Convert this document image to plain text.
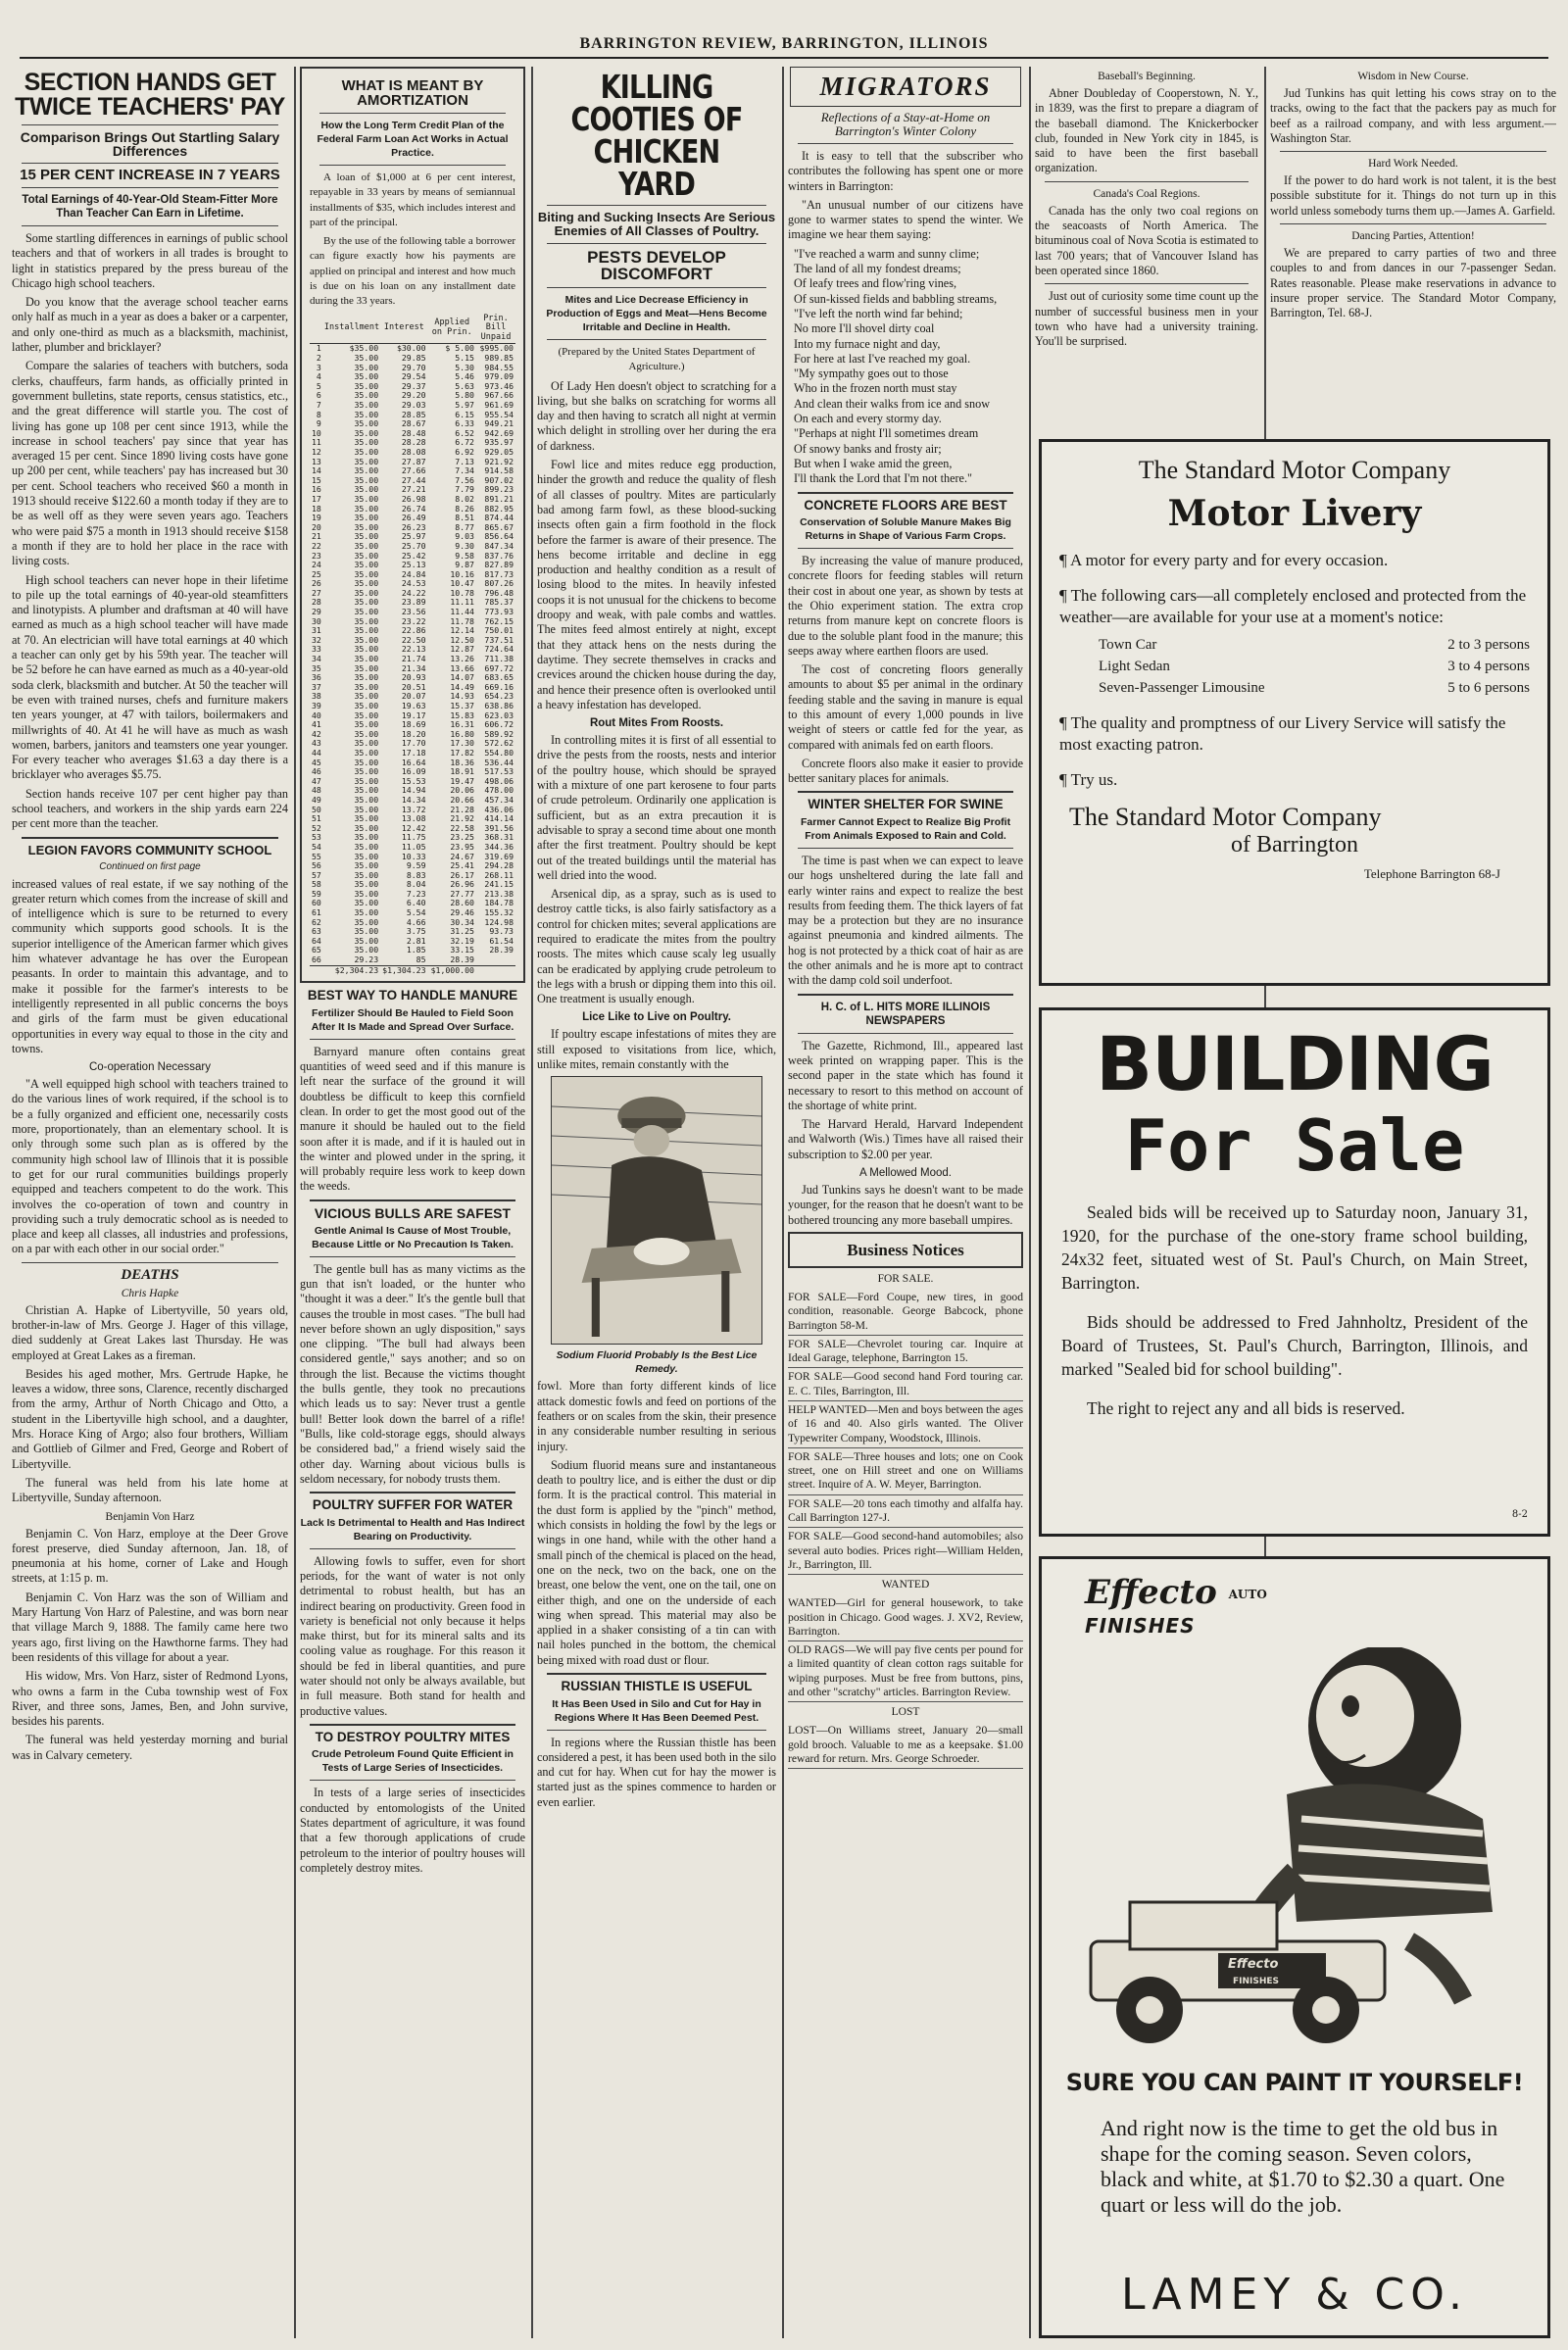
BARRINGTON REVIEW, BARRINGTON, ILLINOIS
SECTION HANDS GET TWICE TEACHERS' PAY
Comparison Brings Out Startling Salary Differences
15 PER CENT INCREASE IN 7 YEARS
Total Earnings of 40-Year-Old Steam-Fitter More Than Teacher Can Earn in Lifetime.

Some startling differences in earnings of public school teachers and that of workers in all trades is brought to light in statistics prepared by the press bureau of the Chicago high school teachers.

Do you know that the average school teacher earns only half as much in a year as does a baker or a carpenter, and only one-third as much as a blacksmith, machinist, lather, plumber and bricklayer?

Compare the salaries of teachers with butchers, soda clerks, chauffeurs, farm hands, as officially printed in government bulletins, state reports, census statistics, etc., and the great difference will startle you. The cost of living has gone up 108 per cent since 1913, while the increase in school teachers' pay since that year has averaged 15 per cent. Since 1890 living costs have gone up 200 per cent, while teachers' pay has increased but 30 per cent. School teachers who received $60 a month in 1913 should receive $122.60 a month today if they are to be as well off as they were seven years ago. Teachers who were paid $75 a month in 1913 should receive $158 a month if they are to hold her place in the race with living costs.

High school teachers can never hope in their lifetime to pile up the total earnings of 40-year-old steamfitters and linotypists. A plumber and draftsman at 40 will have earned as much as a high school teacher will have made at 70. An electrician will have total earnings at 40 which a teacher can only get by his 59th year. The teacher will be 52 before he can have earned as much as a 40-year-old soda clerk, blacksmith and butcher. At 50 the teacher will be even with trained nurses, chefs and furniture makers ten years younger, at 47 with tailors, boilermakers and millwrights of 40. At 41 he will have as much as wash women, barbers, janitors and teamsters one year younger. For every teacher who averages $1.63 a day there is a bricklayer who averages $5.75.

Section hands receive 107 per cent higher pay than school teachers, and workers in the ship yards earn 224 per cent more than the teacher.

LEGION FAVORS COMMUNITY SCHOOL
Continued on first page

increased values of real estate, if we say nothing of the greater return which comes from the increase of skill and of intelligence which is sure to be returned to every community which supports good schools. It is the superior intelligence of the American farmer which gives him whatever advantage he has over the European peasants. In order to maintain this advantage, and to make it possible for the farmer's interests to be intelligently represented in all public concerns the boys and girls of the farm must be given educational opportunities in every way equal to those in the city and towns.

Co-operation Necessary

"A well equipped high school with teachers trained to do the various lines of work required, if the school is to be a fully organized and efficient one, necessarily costs more, proportionately, than an elementary school. It is only through some such plan as is offered by the community high school law of Illinois that it is possible to get for our rural communities buildings properly equipped and teachers competent to do the work. This involves the co-operation of town and country in providing such a truly democratic school as is needed to place and keep all classes, all industries and professions, on a par with each other in our social order."

DEATHS
Chris Hapke

Christian A. Hapke of Libertyville, 50 years old, brother-in-law of Mrs. George J. Hager of this village, died suddenly at Great Lakes last Thursday. He was employed at Great Lakes as a fireman.

Besides his aged mother, Mrs. Gertrude Hapke, he leaves a widow, three sons, Clarence, recently discharged from the army, Arthur of North Chicago and Otto, a student in the Libertyville high school, and a daughter, Mrs. Horace King of Argo; also four brothers, William and Gottlieb of Gilmer and Fred, George and Robert of Libertyville.

The funeral was held from his late home at Libertyville, Sunday afternoon.

Benjamin Von Harz

Benjamin C. Von Harz, employe at the Deer Grove forest preserve, died Sunday afternoon, Jan. 18, of pneumonia at his home, corner of Lake and Hough streets, at 1:15 p. m.

Benjamin C. Von Harz was the son of William and Mary Hartung Von Harz of Palestine, and was born near that village March 9, 1888. The family came here two years ago, first living on the Hawthorne farms. They had been residents of this village for about a year.

His widow, Mrs. Von Harz, sister of Redmond Lyons, who owns a farm in the Cuba township west of Fox River, and three sons, James, Ben, and John survive, besides his parents.

The funeral was held yesterday morning and burial was in Calvary cemetery.

WHAT IS MEANT BY AMORTIZATION
How the Long Term Credit Plan of the Federal Farm Loan Act Works in Actual Practice.

A loan of $1,000 at 6 per cent interest, repayable in 33 years by means of semiannual installments of $35, which includes interest and part of the principal.

By the use of the following table a borrower can figure exactly how his payments are applied on principal and interest and how much is due on his loan on any installment date during the 33 years.

	Installment	Interest	Applied on Prin.	Prin. Bill Unpaid
1	$35.00	$30.00	$ 5.00	$995.00
2	35.00	29.85	5.15	989.85
3	35.00	29.70	5.30	984.55
4	35.00	29.54	5.46	979.09
5	35.00	29.37	5.63	973.46
6	35.00	29.20	5.80	967.66
7	35.00	29.03	5.97	961.69
8	35.00	28.85	6.15	955.54
9	35.00	28.67	6.33	949.21
10	35.00	28.48	6.52	942.69
11	35.00	28.28	6.72	935.97
12	35.00	28.08	6.92	929.05
13	35.00	27.87	7.13	921.92
14	35.00	27.66	7.34	914.58
15	35.00	27.44	7.56	907.02
16	35.00	27.21	7.79	899.23
17	35.00	26.98	8.02	891.21
18	35.00	26.74	8.26	882.95
19	35.00	26.49	8.51	874.44
20	35.00	26.23	8.77	865.67
21	35.00	25.97	9.03	856.64
22	35.00	25.70	9.30	847.34
23	35.00	25.42	9.58	837.76
24	35.00	25.13	9.87	827.89
25	35.00	24.84	10.16	817.73
26	35.00	24.53	10.47	807.26
27	35.00	24.22	10.78	796.48
28	35.00	23.89	11.11	785.37
29	35.00	23.56	11.44	773.93
30	35.00	23.22	11.78	762.15
31	35.00	22.86	12.14	750.01
32	35.00	22.50	12.50	737.51
33	35.00	22.13	12.87	724.64
34	35.00	21.74	13.26	711.38
35	35.00	21.34	13.66	697.72
36	35.00	20.93	14.07	683.65
37	35.00	20.51	14.49	669.16
38	35.00	20.07	14.93	654.23
39	35.00	19.63	15.37	638.86
40	35.00	19.17	15.83	623.03
41	35.00	18.69	16.31	606.72
42	35.00	18.20	16.80	589.92
43	35.00	17.70	17.30	572.62
44	35.00	17.18	17.82	554.80
45	35.00	16.64	18.36	536.44
46	35.00	16.09	18.91	517.53
47	35.00	15.53	19.47	498.06
48	35.00	14.94	20.06	478.00
49	35.00	14.34	20.66	457.34
50	35.00	13.72	21.28	436.06
51	35.00	13.08	21.92	414.14
52	35.00	12.42	22.58	391.56
53	35.00	11.75	23.25	368.31
54	35.00	11.05	23.95	344.36
55	35.00	10.33	24.67	319.69
56	35.00	9.59	25.41	294.28
57	35.00	8.83	26.17	268.11
58	35.00	8.04	26.96	241.15
59	35.00	7.23	27.77	213.38
60	35.00	6.40	28.60	184.78
61	35.00	5.54	29.46	155.32
62	35.00	4.66	30.34	124.98
63	35.00	3.75	31.25	93.73
64	35.00	2.81	32.19	61.54
65	35.00	1.85	33.15	28.39
66	29.23	85	28.39	
	$2,304.23	$1,304.23	$1,000.00	
BEST WAY TO HANDLE MANURE
Fertilizer Should Be Hauled to Field Soon After It Is Made and Spread Over Surface.

Barnyard manure often contains great quantities of weed seed and if this manure is left near the surface of the ground it will doubtless be difficult to keep this cornfield clean. In order to get the most good out of the manure it should be hauled out to the field soon after it is made, and if it is hauled out in the winter and plowed under in the spring, it will probably require less work to keep down the weeds.

VICIOUS BULLS ARE SAFEST
Gentle Animal Is Cause of Most Trouble, Because Little or No Precaution Is Taken.

The gentle bull has as many victims as the gun that isn't loaded, or the hunter who "thought it was a deer." It's the gentle bull that causes the trouble in most cases. "The bull had never before shown an ugly disposition," says one clipping. "The bull had always been considered gentle," says another; and so on through the list. Because the victims thought the bulls gentle, they took no precautions which leads us to say: Never trust a gentle bull! Better look down the barrel of a rifle! "Bulls, like cold-storage eggs, should always be considered bad," a friend wisely said the other day. Warning about vicious bulls is seldom necessary, for nobody trusts them.

POULTRY SUFFER FOR WATER
Lack Is Detrimental to Health and Has Indirect Bearing on Productivity.

Allowing fowls to suffer, even for short periods, for the want of water is not only detrimental to robust health, but has an indirect bearing on productivity. Green food in variety is beneficial not only because it helps make thirst, but for its mineral salts and its cooling value as roughage. For this reason it should be fed in liberal quantities, and pure water should not only be always available, but in full measure. Both stand for health and productive values.

TO DESTROY POULTRY MITES
Crude Petroleum Found Quite Efficient in Tests of Large Series of Insecticides.

In tests of a large series of insecticides conducted by entomologists of the United States department of agriculture, it was found that a few thorough applications of crude petroleum to the interior of poultry houses will completely destroy mites.

KILLING COOTIES OF CHICKEN YARD
Biting and Sucking Insects Are Serious Enemies of All Classes of Poultry.
PESTS DEVELOP DISCOMFORT
Mites and Lice Decrease Efficiency in Production of Eggs and Meat—Hens Become Irritable and Decline in Health.

(Prepared by the United States Department of Agriculture.)

Of Lady Hen doesn't object to scratching for a living, but she balks on scratching for worms all day and then having to scratch all night at vermin which delight in strolling over her during the era of darkness.

Fowl lice and mites reduce egg production, hinder the growth and reduce the quality of flesh of all classes of poultry. Mites are particularly bad among farm fowl, as these blood-sucking insects often gain a firm foothold in the flock before the farmer is aware of their presence. The hens become irritable and decline in egg production and healthy condition as a result of losing blood to the mites. In heavily infested coops it is not unusual for the chickens to become droopy and weak, with pale combs and wattles. The mites feed almost entirely at night, except that they attack hens on the nests during the daytime. They secrete themselves in cracks and crevices around the chicken house during the day, and hence their presence often is overlooked until a heavy infestation has developed.

Rout Mites From Roosts.

In controlling mites it is first of all essential to drive the pests from the roosts, nests and interior of the poultry house, which should be sprayed with a mixture of one part kerosene to four parts of crude petroleum. Ordinarily one application is sufficient, but as an extra precaution it is advisable to spray a second time about one month after the first treatment. Poultry should be kept out of the treated buildings until the material has well dried into the wood.

Arsenical dip, as a spray, such as is used to destroy cattle ticks, is also fairly satisfactory as a control for chicken mites; several applications are required to eradicate the mites from the poultry roosts. The mites which cause scaly leg usually can be eradicated by applying crude petroleum to the legs with a brush or dipping them into this oil. One treatment is usually enough.

Lice Like to Live on Poultry.

If poultry escape infestations of mites they are still exposed to visitations from lice, which, unlike mites, remain constantly with the

Sodium Fluorid Probably Is the Best Lice Remedy.

fowl. More than forty different kinds of lice attack domestic fowls and feed on portions of the feathers or on scales from the skin, their presence in any considerable number resulting in serious injury.

Sodium fluorid means sure and instantaneous death to poultry lice, and is either the dust or dip form. It is the practical control. This material in the dust form is applied by the "pinch" method, which consists in holding the fowl by the legs or wings in one hand, while with the other hand a small pinch of the chemical is placed on the head, one on the neck, two on the back, one on the breast, one below the vent, one on the tail, one on either thigh, and one on the underside of each wing when spread. This material may also be applied in a shaker consisting of a tin can with nail holes punched in the bottom, the chemical being mixed with road dust or flour.

RUSSIAN THISTLE IS USEFUL
It Has Been Used in Silo and Cut for Hay in Regions Where It Has Been Deemed Pest.

In regions where the Russian thistle has been considered a pest, it has been used both in the silo and cut for hay. When cut for hay the mower is started just as the spines commence to harden or even earlier.

MIGRATORS
Reflections of a Stay-at-Home on Barrington's Winter Colony

It is easy to tell that the subscriber who contributes the following has spent one or more winters in Barrington:

"An unusual number of our citizens have gone to warmer states to spend the winter. We imagine we hear them saying:

"I've reached a warm and sunny clime;
The land of all my fondest dreams;
Of leafy trees and flow'ring vines,
Of sun-kissed fields and babbling streams,
"I've left the north wind far behind;
No more I'll shovel dirty coal
Into my furnace night and day,
For here at last I've reached my goal.
"My sympathy goes out to those
Who in the frozen north must stay
And clean their walks from ice and snow
On each and every stormy day.
"Perhaps at night I'll sometimes dream
Of snowy banks and frosty air;
But when I wake amid the green,
I'll thank the Lord that I'm not there."

CONCRETE FLOORS ARE BEST
Conservation of Soluble Manure Makes Big Returns in Shape of Various Farm Crops.

By increasing the value of manure produced, concrete floors for feeding stables will return their cost in about one year, as shown by tests at the Ohio experiment station. The extra crop returns from manure kept on concrete floors is due to the soluble plant food in the manure; this seeps away where earthen floors are used.

The cost of concreting floors generally amounts to about $5 per animal in the ordinary feeding stable and the saving in manure is equal to this amount of every 1,000 pounds in live weight of steers or cattle fed for the year, as compared with animals fed on earth floors.

Concrete floors also make it easier to provide better sanitary places for animals.

WINTER SHELTER FOR SWINE
Farmer Cannot Expect to Realize Big Profit From Animals Exposed to Rain and Cold.

The time is past when we can expect to leave our hogs unsheltered during the late fall and early winter rains and expect to realize the best results from feeding them. The thick layers of fat may be a protection but they are no insurance against pneumonia and kindred ailments. The hog is not protected by a thick coat of hair as are the other animals and he is more apt to contract with the damp cold soil underfoot.

H. C. of L. HITS MORE ILLINOIS NEWSPAPERS

The Gazette, Richmond, Ill., appeared last week printed on wrapping paper. This is the second paper in the state which has found it necessary to resort to this method on account of the shortage of white print.

The Harvard Herald, Harvard Independent and Walworth (Wis.) Times have all raised their subscription to $2.00 per year.

A Mellowed Mood.

Jud Tunkins says he doesn't want to be made younger, for the reason that he doesn't want to be bothered trouncing any more baseball umpires.

Business Notices
FOR SALE.
FOR SALE—Ford Coupe, new tires, in good condition, reasonable. George Babcock, phone Barrington 58-M.
FOR SALE—Chevrolet touring car. Inquire at Ideal Garage, telephone, Barrington 15.
FOR SALE—Good second hand Ford touring car. E. C. Tiles, Barrington, Ill.
HELP WANTED—Men and boys between the ages of 16 and 40. Also girls wanted. The Oliver Typewriter Company, Woodstock, Illinois.
FOR SALE—Three houses and lots; one on Cook street, one on Hill street and one on Williams street. Inquire of A. W. Meyer, Barrington.
FOR SALE—20 tons each timothy and alfalfa hay. Call Barrington 127-J.
FOR SALE—Good second-hand automobiles; also several auto bodies. Prices right—William Helden, Jr., Barrington, Ill.
WANTED
WANTED—Girl for general housework, to take position in Chicago. Good wages. J. XV2, Review, Barrington.
OLD RAGS—We will pay five cents per pound for a limited quantity of clean cotton rags suitable for wiping purposes. Must be free from buttons, pins, and other "scratchy" articles. Barrington Review.
LOST
LOST—On Williams street, January 20—small gold brooch. Valuable to me as a keepsake. $1.00 reward for return. Mrs. George Schroeder.
Baseball's Beginning.

Abner Doubleday of Cooperstown, N. Y., in 1839, was the first to prepare a diagram of the baseball diamond. The Knickerbocker club, founded in New York city in 1845, is said to have been the first baseball organization.

Canada's Coal Regions.

Canada has the only two coal regions on the seacoasts of North America. The bituminous coal of Nova Scotia is estimated to last 700 years; that of Vancouver Island has been operated since 1860.

Just out of curiosity some time count up the number of successful business men in your town who have had a university training. You'll be surprised.

Wisdom in New Course.

Jud Tunkins has quit letting his cows stray on to the tracks, owing to the fact that the packers pay as much for beef as a railroad company, and with less argument.—Washington Star.

Hard Work Needed.

If the power to do hard work is not talent, it is the best possible substitute for it. Things do not turn up in this world unless somebody turns them up.—James A. Garfield.

Dancing Parties, Attention!

We are prepared to carry parties of two and three couples to and from dances in our 7-passenger Sedan. Rates reasonable. Please make reservations in advance to insure proper service. The Standard Motor Company, Barrington, Tel. 68-J.

The Standard Motor Company
Motor Livery
¶ A motor for every party and for every occasion.
¶ The following cars—all completely enclosed and protected from the weather—are available for your use at a moment's notice:
Town Car	2 to 3 persons
Light Sedan	3 to 4 persons
Seven-Passenger Limousine	5 to 6 persons
¶ The quality and promptness of our Livery Service will satisfy the most exacting patron.
¶ Try us.
The Standard Motor Company
of Barrington
Telephone Barrington 68-J
BUILDING
For Sale

Sealed bids will be received up to Saturday noon, January 31, 1920, for the purchase of the one-story frame school building, 24x32 feet, situated west of St. Paul's Church, on Main Street, Barrington.

Bids should be addressed to Fred Jahnholtz, President of the Board of Trustees, St. Paul's Church, Barrington, Illinois, and marked "Sealed bid for school building".

The right to reject any and all bids is reserved.

8-2
Effecto AUTO
FINISHES
Effecto
FINISHES
SURE YOU CAN PAINT IT YOURSELF!

And right now is the time to get the old bus in shape for the coming season. Seven colors, black and white, at $1.70 to $2.30 a quart. One quart or less will do the job.

LAMEY & CO.
